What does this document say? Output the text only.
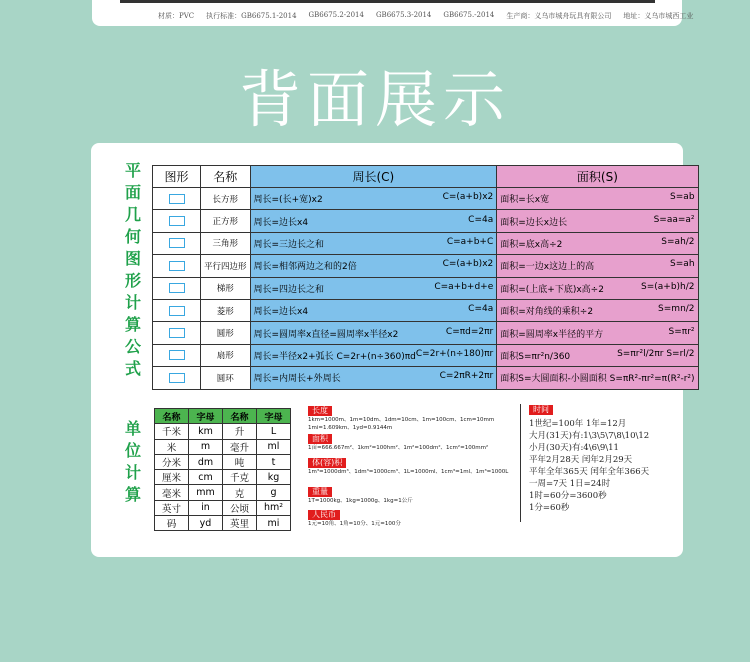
材质：PVC 执行标准：GB6675.1-2014 GB6675.2-2014 GB6675.3-2014 GB6675.-2014 生产商：义乌市城舟玩具有限公司 地址：义乌市城西工业
背面展示
平
面
几
何
图
形
计
算
公
式
单
位
计
算
图形	名称	周长(C)	面积(S)

	长方形	周长=(长+宽)x2 C=(a+b)x2	面积=长x宽 S=ab

	正方形	周长=边长x4 C=4a	面积=边长x边长 S=aa=a²

	三角形	周长=三边长之和 C=a+b+C	面积=底x高÷2 S=ah/2

	平行四边形	周长=相邻两边之和的2倍 C=(a+b)x2	面积=一边x这边上的高 S=ah

	梯形	周长=四边长之和 C=a+b+d+e	面积=(上底+下底)x高÷2 S=(a+b)h/2

	菱形	周长=边长x4 C=4a	面积=对角线的乘积÷2 S=mn/2

	圆形	周长=圆周率x直径=圆周率x半径x2 C=πd=2πr	面积=圆周率x半径的平方 S=πr²

	扇形	周长=半径x2+弧长 C=2r+(n÷360)πd C=2r+(n÷180)πr	面积S=πr²n/360 S=πr²l/2πr S=rl/2

	圆环	周长=内周长+外周长 C=2πR+2πr	面积S=大圆面积-小圆面积 S=πR²-πr²=π(R²-r²)
名称	字母	名称	字母
千米	km	升	L
米	m	毫升	ml
分米	dm	吨	t
厘米	cm	千克	kg
毫米	mm	克	g
英寸	in	公顷	hm²
码	yd	英里	mi
长度
1km=1000m、1m=10dm、1dm=10cm、1m=100cm、1cm=10mm 1mi=1.609km、1yd=0.9144m
面积
1亩=666.667m²、1km²=100hm²、1m²=100dm²、1cm²=100mm²
体(容)积
1m³=1000dm³、1dm³=1000cm³、1L=1000ml、1cm³=1ml、1m³=1000L
重量
1T=1000kg、1kg=1000g、1kg=1公斤
人民币
1元=10角、1角=10分、1元=100分
时间
1世纪=100年 1年=12月
大月(31天)有:1\3\5\7\8\10\12
小月(30天)有:4\6\9\11
平年2月28天 闰年2月29天
平年全年365天 闰年全年366天
一周=7天 1日=24时
1时=60分=3600秒
1分=60秒
